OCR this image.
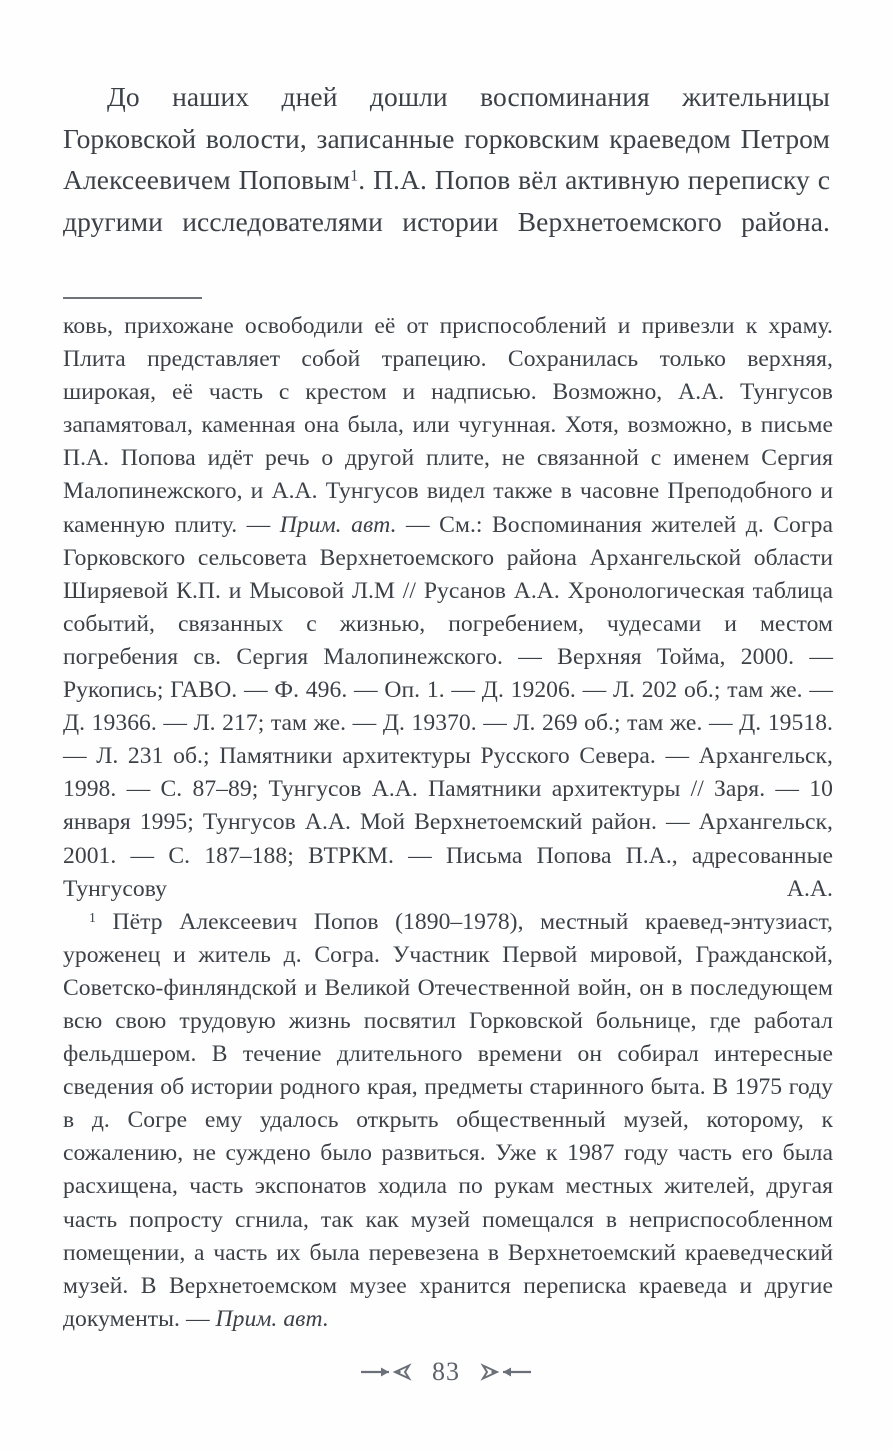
До наших дней дошли воспоминания жительницы Горковской волости, записанные горковским краеведом Петром Алексеевичем Поповым$^1$. П.А. Попов вёл активную переписку с другими исследователями истории Верхнетоемского района.

ковь, прихожане освободили её от приспособлений и привезли к храму. Плита представляет собой трапецию. Сохранилась только верхняя, широкая, её часть с крестом и надписью. Возможно, А.А. Тунгусов запамятовал, каменная она была, или чугунная. Хотя, возможно, в письме П.А. Попова идёт речь о другой плите, не связанной с именем Сергия Малопинежского, и А.А. Тунгусов видел также в часовне Преподобного и каменную плиту. — Прим. авт. — См.: Воспоминания жителей д. Согра Горковского сельсовета Верхнетоемского района Архангельской области Ширяевой К.П. и Мысовой Л.М // Русанов А.А. Хронологическая таблица событий, связанных с жизнью, погребением, чудесами и местом погребения св. Сергия Малопинежского. — Верхняя Тойма, 2000. — Рукопись; ГАВО. — Ф. 496. — Оп. 1. — Д. 19206. — Л. 202 об.; там же. — Д. 19366. — Л. 217; там же. — Д. 19370. — Л. 269 об.; там же. — Д. 19518. — Л. 231 об.; Памятники архитектуры Русского Севера. — Архангельск, 1998. — С. 87–89; Тунгусов А.А. Памятники архитектуры // Заря. — 10 января 1995; Тунгусов А.А. Мой Верхнетоемский район. — Архангельск, 2001. — С. 187–188; ВТРКМ. — Письма Попова П.А., адресованные Тунгусову А.А.

$^1$ Пётр Алексеевич Попов (1890–1978), местный краевед-энтузиаст, уроженец и житель д. Согра. Участник Первой мировой, Гражданской, Советско-финляндской и Великой Отечественной войн, он в последующем всю свою трудовую жизнь посвятил Горковской больнице, где работал фельдшером. В течение длительного времени он собирал интересные сведения об истории родного края, предметы старинного быта. В 1975 году в д. Согре ему удалось открыть общественный музей, которому, к сожалению, не суждено было развиться. Уже к 1987 году часть его была расхищена, часть экспонатов ходила по рукам местных жителей, другая часть попросту сгнила, так как музей помещался в неприспособленном помещении, а часть их была перевезена в Верхнетоемский краеведческий музей. В Верхнетоемском музее хранится переписка краеведа и другие документы. — Прим. авт.

83
